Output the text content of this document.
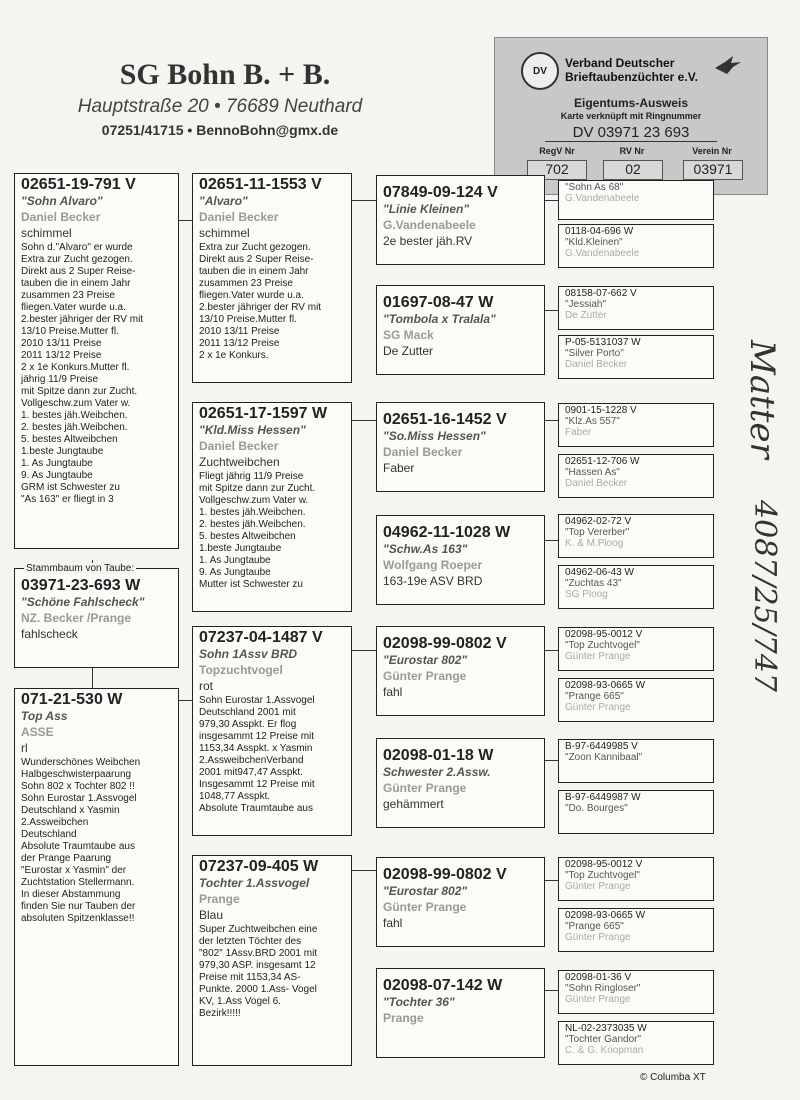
SG Bohn B. + B.
Hauptstraße 20 • 76689 Neuthard
07251/41715 • BennoBohn@gmx.de
DV
Verband Deutscher
Brieftaubenzüchter e.V.
Eigentums-Ausweis
Karte verknüpft mit Ringnummer
DV 03971 23 693
RegV Nr	RV Nr	Verein Nr
702	02	03971
02651-19-791 V
"Sohn Alvaro"
Daniel Becker
schimmel
Sohn d."Alvaro" er wurde
Extra zur Zucht gezogen.
Direkt aus 2 Super Reise-
tauben die in einem Jahr
zusammen 23 Preise
fliegen.Vater wurde u.a.
2.bester jähriger der RV mit
13/10 Preise.Mutter fl.
2010 13/11 Preise
2011 13/12 Preise
2 x 1e Konkurs.Mutter fl.
jährig 11/9 Preise
mit Spitze dann zur Zucht.
Vollgeschw.zum Vater w.
1. bestes jäh.Weibchen.
2. bestes jäh.Weibchen.
5. bestes Altweibchen
1.beste Jungtaube
1. As Jungtaube
9. As Jungtaube
GRM ist Schwester zu
"As 163" er fliegt in 3
03971-23-693 W
"Schöne Fahlscheck"
NZ. Becker /Prange
fahlscheck
Stammbaum von Taube:
071-21-530 W
Top Ass
ASSE
rl
Wunderschönes Weibchen
Halbgeschwisterpaarung
Sohn 802 x Tochter 802 !!
Sohn Eurostar 1.Assvogel
Deutschland x Yasmin
2.Assweibchen
Deutschland
Absolute Traumtaube aus
der Prange Paarung
"Eurostar x Yasmin" der
Zuchtstation Stellermann.
In dieser Abstammung
finden Sie nur Tauben der
absoluten Spitzenklasse!!
02651-11-1553 V
"Alvaro"
Daniel Becker
schimmel
Extra zur Zucht gezogen.
Direkt aus 2 Super Reise-
tauben die in einem Jahr
zusammen 23 Preise
fliegen.Vater wurde u.a.
2.bester jähriger der RV mit
13/10 Preise.Mutter fl.
2010 13/11 Preise
2011 13/12 Preise
2 x 1e Konkurs.
02651-17-1597 W
"Kld.Miss Hessen"
Daniel Becker
Zuchtweibchen
Fliegt jährig 11/9 Preise
mit Spitze dann zur Zucht.
Vollgeschw.zum Vater w.
1. bestes jäh.Weibchen.
2. bestes jäh.Weibchen.
5. bestes Altweibchen
1.beste Jungtaube
1. As Jungtaube
9. As Jungtaube
Mutter ist Schwester zu
07237-04-1487 V
Sohn 1Assv BRD
Topzuchtvogel
rot
Sohn Eurostar 1.Assvogel
Deutschland 2001 mit
979,30 Asspkt. Er flog
insgesammt 12 Preise mit
1153,34 Asspkt. x Yasmin
2.AssweibchenVerband
2001 mit947,47 Asspkt.
Insgesammt 12 Preise mit
1048,77 Asspkt.
Absolute Traumtaube aus
07237-09-405 W
Tochter 1.Assvogel
Prange
Blau
Super Zuchtweibchen eine
der letzten Töchter des
"802" 1Assv.BRD 2001 mit
979,30 ASP. insgesamt 12
Preise mit 1153,34 AS-
Punkte. 2000 1.Ass- Vogel
KV, 1.Ass Vogel 6.
Bezirk!!!!!
07849-09-124 V
"Linie Kleinen"
G.Vandenabeele
2e bester jäh.RV
01697-08-47 W
"Tombola x Tralala"
SG Mack
De Zutter
02651-16-1452 V
"So.Miss Hessen"
Daniel Becker
Faber
04962-11-1028 W
"Schw.As 163"
Wolfgang Roeper
163-19e ASV BRD
02098-99-0802 V
"Eurostar 802"
Günter Prange
fahl
02098-01-18 W
Schwester 2.Assw.
Günter Prange
gehämmert
02098-99-0802 V
"Eurostar 802"
Günter Prange
fahl
02098-07-142 W
"Tochter 36"
Prange
"Sohn As 68"
G.Vandenabeele
0118-04-696 W
"Kld.Kleinen"
G.Vandenabeele
08158-07-662 V
"Jessiah"
De Zutter
P-05-5131037 W
"Silver Porto"
Daniel Becker
0901-15-1228 V
"Klz.As 557"
Faber
02651-12-706 W
"Hassen As"
Daniel Becker
04962-02-72 V
"Top Vererber"
K. & M.Ploog
04962-06-43 W
"Zuchtas 43"
SG Ploog
02098-95-0012 V
"Top Zuchtvogel"
Günter Prange
02098-93-0665 W
"Prange 665"
Günter Prange
B-97-6449985 V
"Zoon Kannibaal"
B-97-6449987 W
"Do. Bourges"
02098-95-0012 V
"Top Zuchtvogel"
Günter Prange
02098-93-0665 W
"Prange 665"
Günter Prange
02098-01-36 V
"Sohn Ringloser"
Günter Prange
NL-02-2373035 W
"Tochter Gandor"
C. & G. Koopman
Matter
4087/25/747
© Columba XT
